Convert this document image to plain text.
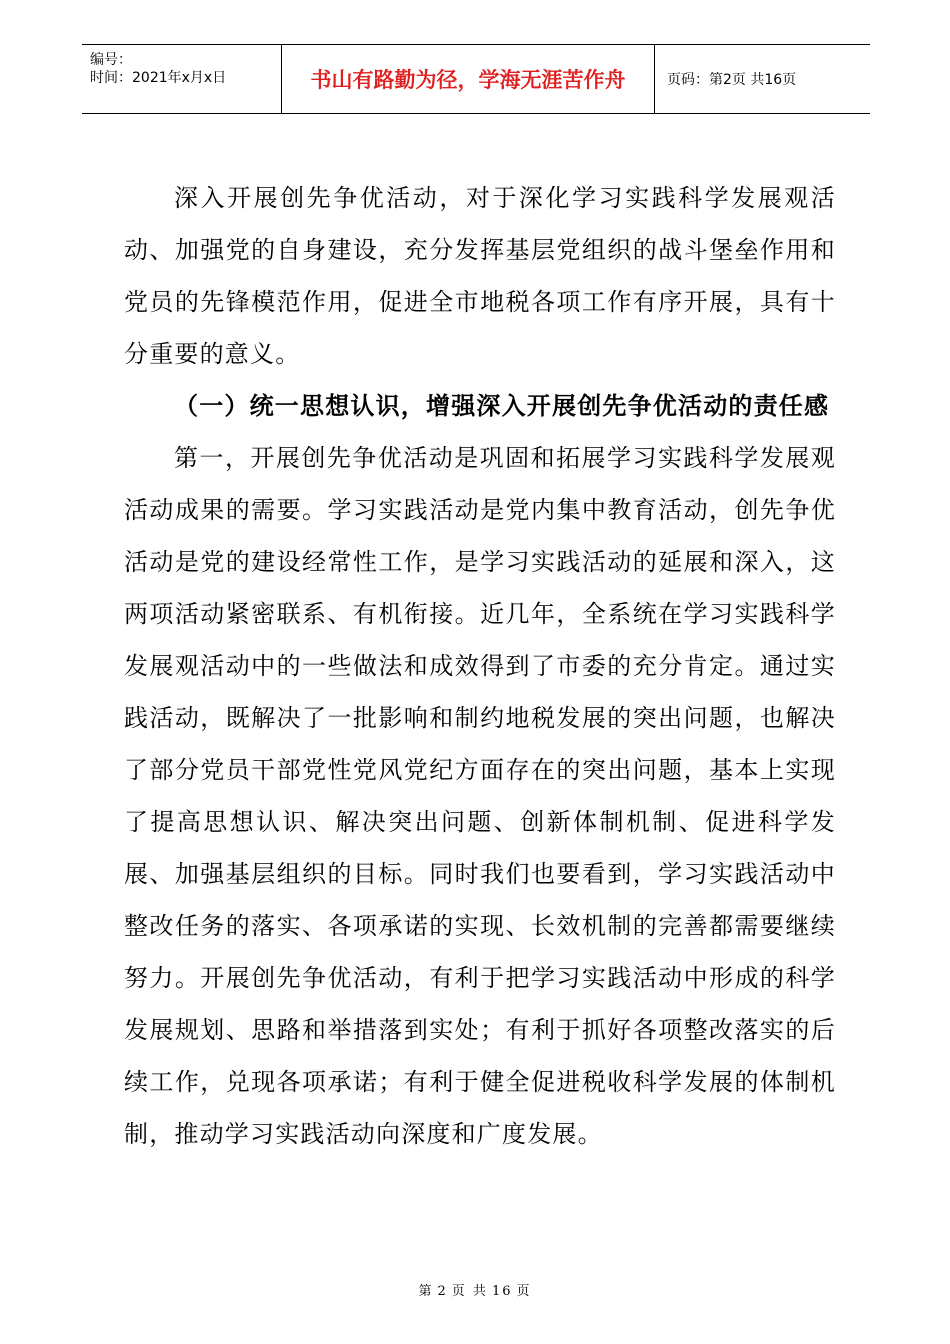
编号：
时间：2021年x月x日	书山有路勤为径，学海无涯苦作舟	页码：第2页 共16页

深入开展创先争优活动，对于深化学习实践科学发展观活动、加强党的自身建设，充分发挥基层党组织的战斗堡垒作用和党员的先锋模范作用，促进全市地税各项工作有序开展，具有十分重要的意义。

（一）统一思想认识，增强深入开展创先争优活动的责任感

第一，开展创先争优活动是巩固和拓展学习实践科学发展观活动成果的需要。学习实践活动是党内集中教育活动，创先争优活动是党的建设经常性工作，是学习实践活动的延展和深入，这两项活动紧密联系、有机衔接。近几年，全系统在学习实践科学发展观活动中的一些做法和成效得到了市委的充分肯定。通过实践活动，既解决了一批影响和制约地税发展的突出问题，也解决了部分党员干部党性党风党纪方面存在的突出问题，基本上实现了提高思想认识、解决突出问题、创新体制机制、促进科学发展、加强基层组织的目标。同时我们也要看到，学习实践活动中整改任务的落实、各项承诺的实现、长效机制的完善都需要继续努力。开展创先争优活动，有利于把学习实践活动中形成的科学发展规划、思路和举措落到实处；有利于抓好各项整改落实的后续工作，兑现各项承诺；有利于健全促进税收科学发展的体制机制，推动学习实践活动向深度和广度发展。

第 2 页 共 16 页
